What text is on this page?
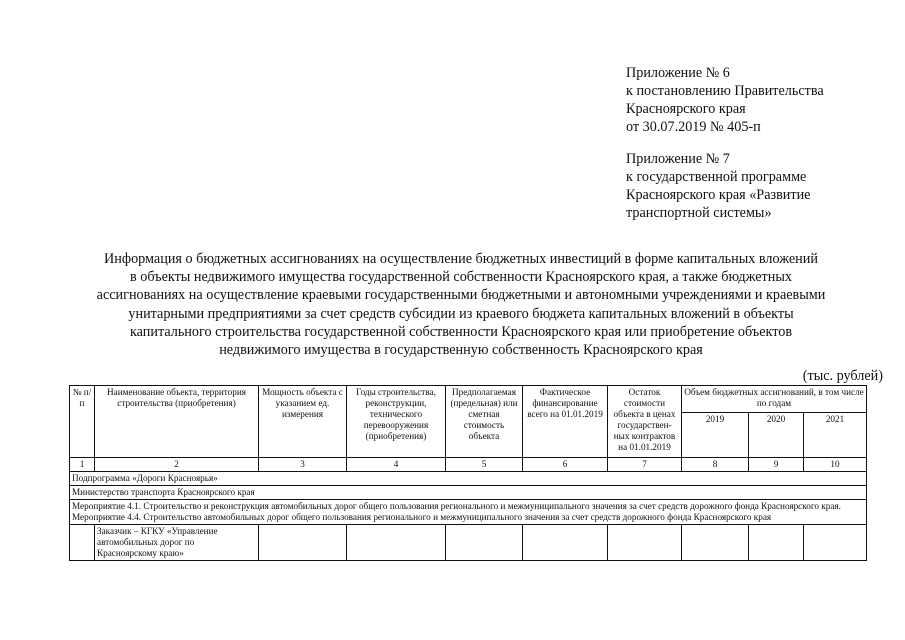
Приложение № 6
к постановлению Правительства
Красноярского края
от 30.07.2019 № 405-п
Приложение № 7
к государственной программе
Красноярского края «Развитие
транспортной системы»
Информация о бюджетных ассигнованиях на осуществление бюджетных инвестиций в форме капитальных вложений
в объекты недвижимого имущества государственной собственности Красноярского края, а также бюджетных
ассигнованиях на осуществление краевыми государственными бюджетными и автономными учреждениями и краевыми
унитарными предприятиями за счет средств субсидии из краевого бюджета капитальных вложений в объекты
капитального строительства государственной собственности Красноярского края или приобретение объектов
недвижимого имущества в государственную собственность Красноярского края
(тыс. рублей)
№ п/п	Наименование объекта, территория строительства (приобретения)	Мощность объекта с указанием ед. измерения	Годы строительства, реконструкции, технического перевооружения (приобретения)	Предполагаемая (предельная) или сметная стоимость объекта	Фактическое финансирование всего на 01.01.2019	Остаток стоимости объекта в ценах государствен-ных контрактов на 01.01.2019	Объем бюджетных ассигнований, в том числе по годам		
							2019	2020	2021
1	2	3	4	5	6	7	8	9	10
Подпрограмма «Дороги Красноярья»									
Министерство транспорта Красноярского края									
Мероприятие 4.1. Строительство и реконструкция автомобильных дорог общего пользования регионального и межмуниципального значения за счет средств дорожного фонда Красноярского края. Мероприятие 4.4. Строительство автомобильных дорог общего пользования регионального и межмуниципального значения за счет средств дорожного фонда Красноярского края									
	Заказчик – КГКУ «Управление автомобильных дорог по Красноярскому краю»								
